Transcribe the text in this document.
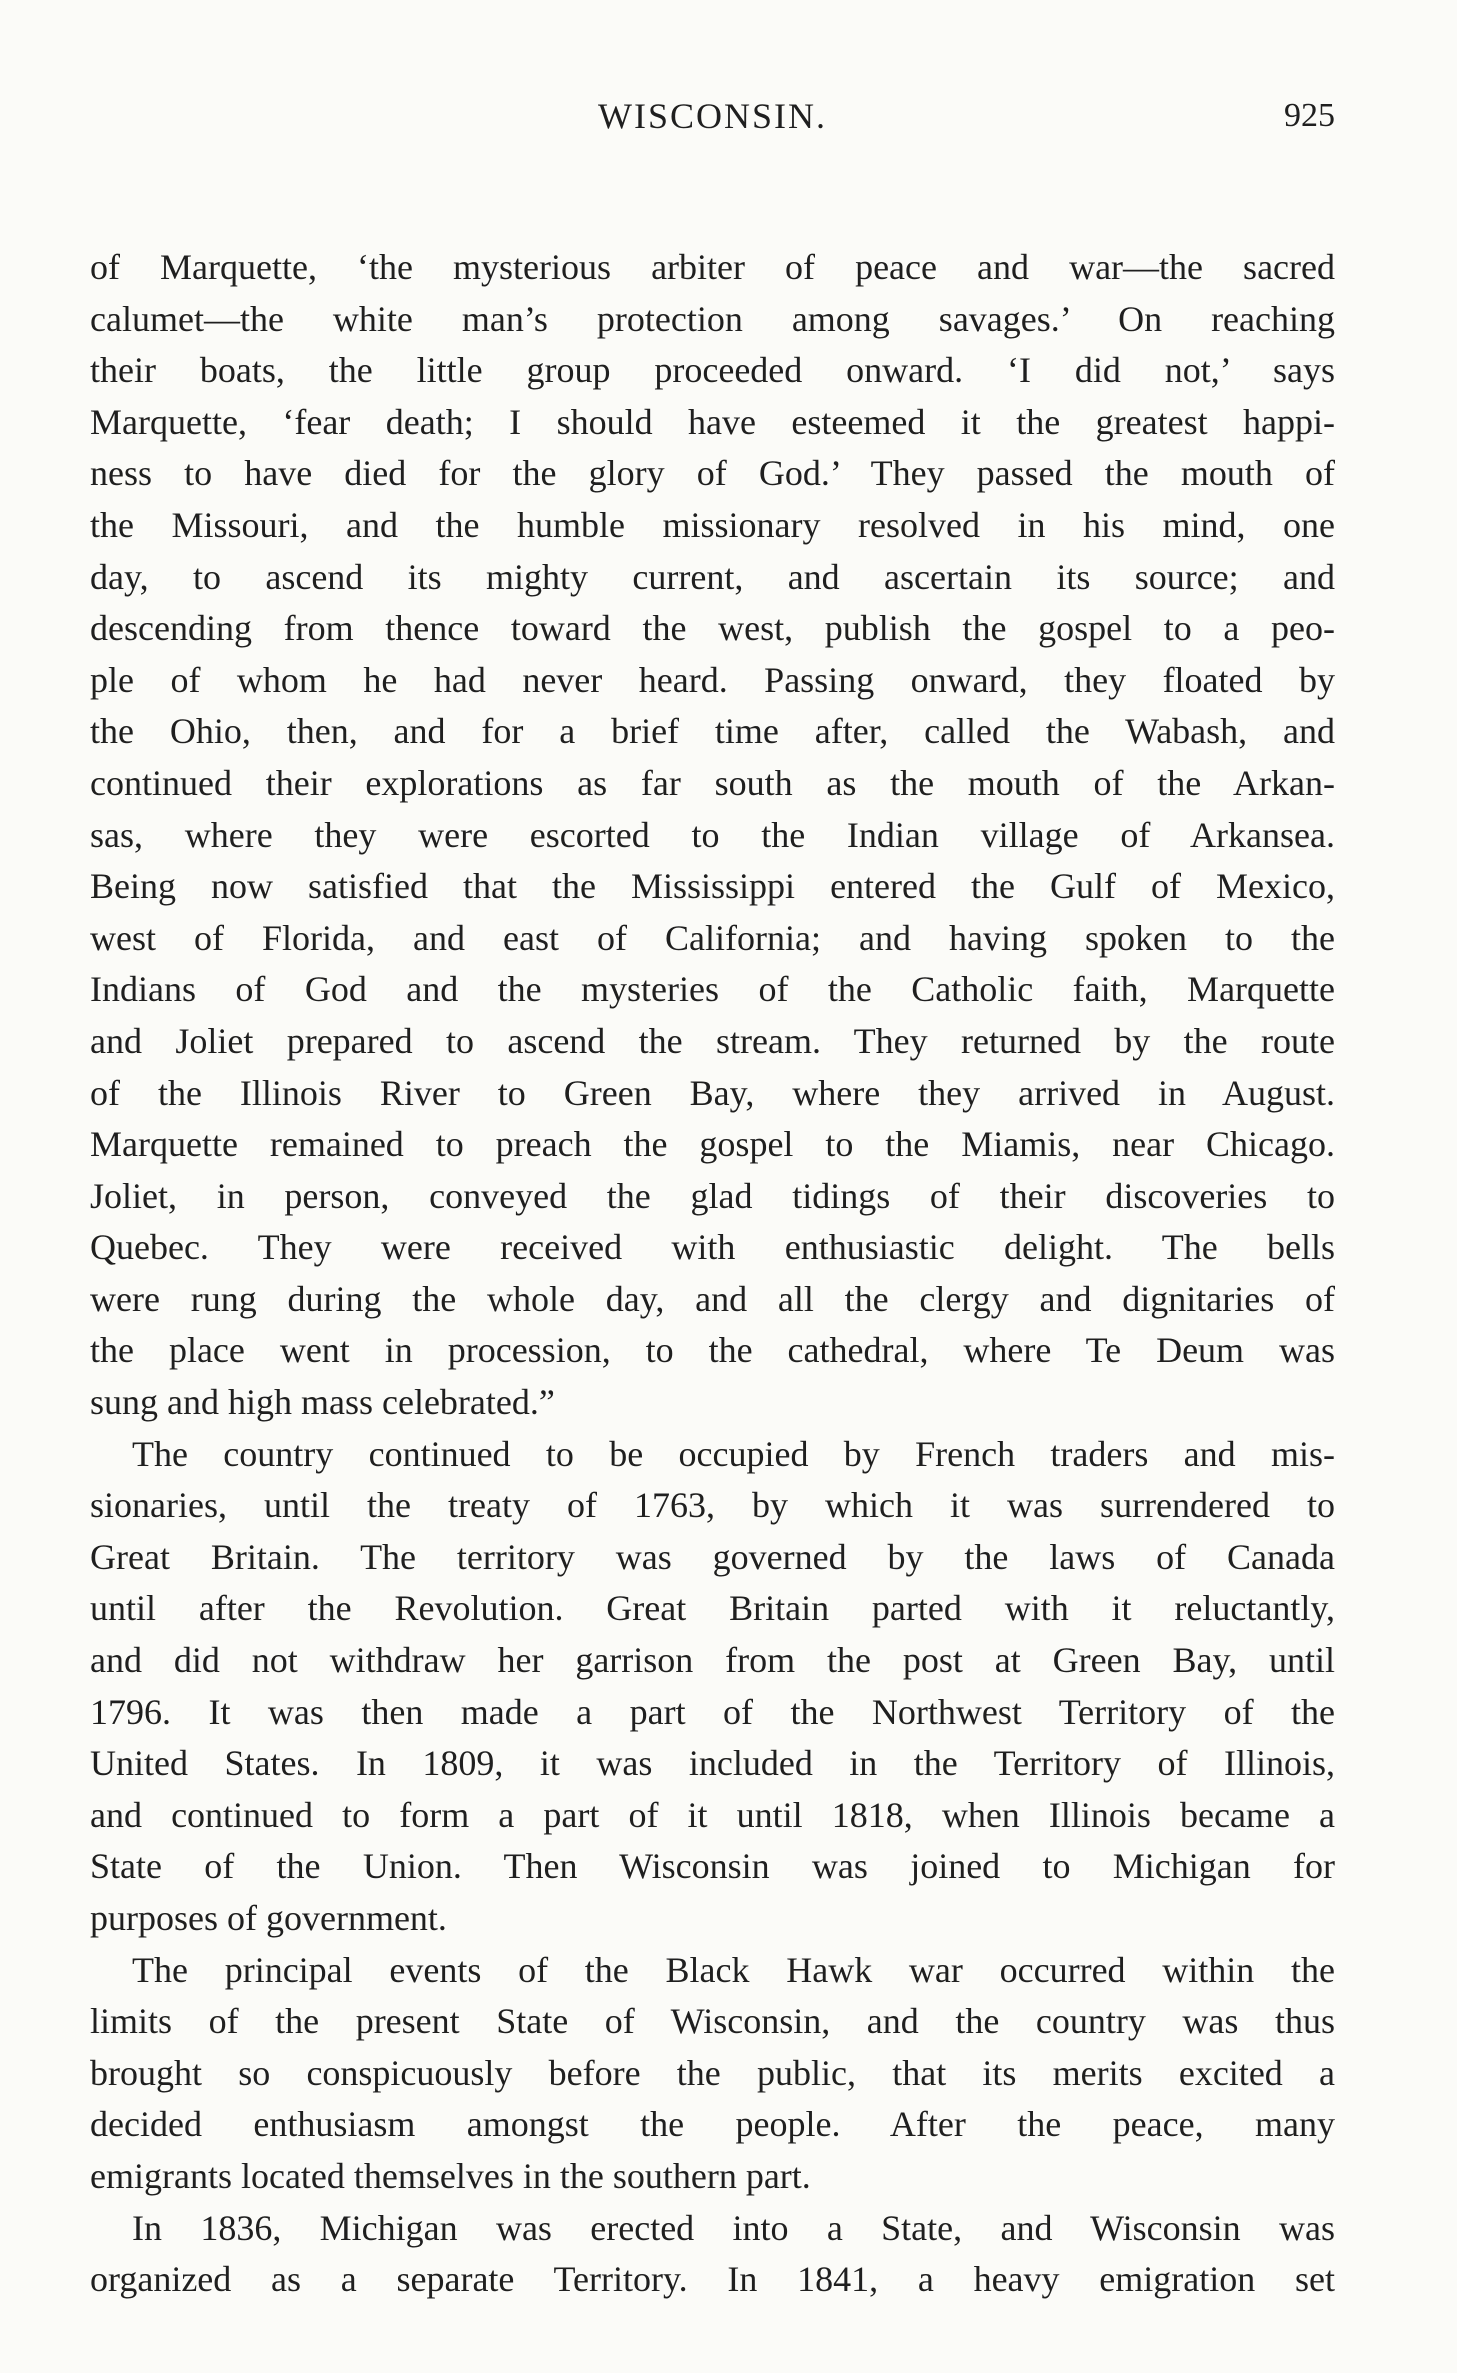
WISCONSIN.	925
of Marquette, ‘the mysterious arbiter of peace and war—the sacred
calumet—the white man’s protection among savages.’ On reaching
their boats, the little group proceeded onward. ‘I did not,’ says
Marquette, ‘fear death; I should have esteemed it the greatest happi-
ness to have died for the glory of God.’ They passed the mouth of
the Missouri, and the humble missionary resolved in his mind, one
day, to ascend its mighty current, and ascertain its source; and
descending from thence toward the west, publish the gospel to a peo-
ple of whom he had never heard. Passing onward, they floated by
the Ohio, then, and for a brief time after, called the Wabash, and
continued their explorations as far south as the mouth of the Arkan-
sas, where they were escorted to the Indian village of Arkansea.
Being now satisfied that the Mississippi entered the Gulf of Mexico,
west of Florida, and east of California; and having spoken to the
Indians of God and the mysteries of the Catholic faith, Marquette
and Joliet prepared to ascend the stream. They returned by the route
of the Illinois River to Green Bay, where they arrived in August.
Marquette remained to preach the gospel to the Miamis, near Chicago.
Joliet, in person, conveyed the glad tidings of their discoveries to
Quebec. They were received with enthusiastic delight. The bells
were rung during the whole day, and all the clergy and dignitaries of
the place went in procession, to the cathedral, where Te Deum was
sung and high mass celebrated.”
The country continued to be occupied by French traders and mis-
sionaries, until the treaty of 1763, by which it was surrendered to
Great Britain. The territory was governed by the laws of Canada
until after the Revolution. Great Britain parted with it reluctantly,
and did not withdraw her garrison from the post at Green Bay, until
1796. It was then made a part of the Northwest Territory of the
United States. In 1809, it was included in the Territory of Illinois,
and continued to form a part of it until 1818, when Illinois became a
State of the Union. Then Wisconsin was joined to Michigan for
purposes of government.
The principal events of the Black Hawk war occurred within the
limits of the present State of Wisconsin, and the country was thus
brought so conspicuously before the public, that its merits excited a
decided enthusiasm amongst the people. After the peace, many
emigrants located themselves in the southern part.
In 1836, Michigan was erected into a State, and Wisconsin was
organized as a separate Territory. In 1841, a heavy emigration set
